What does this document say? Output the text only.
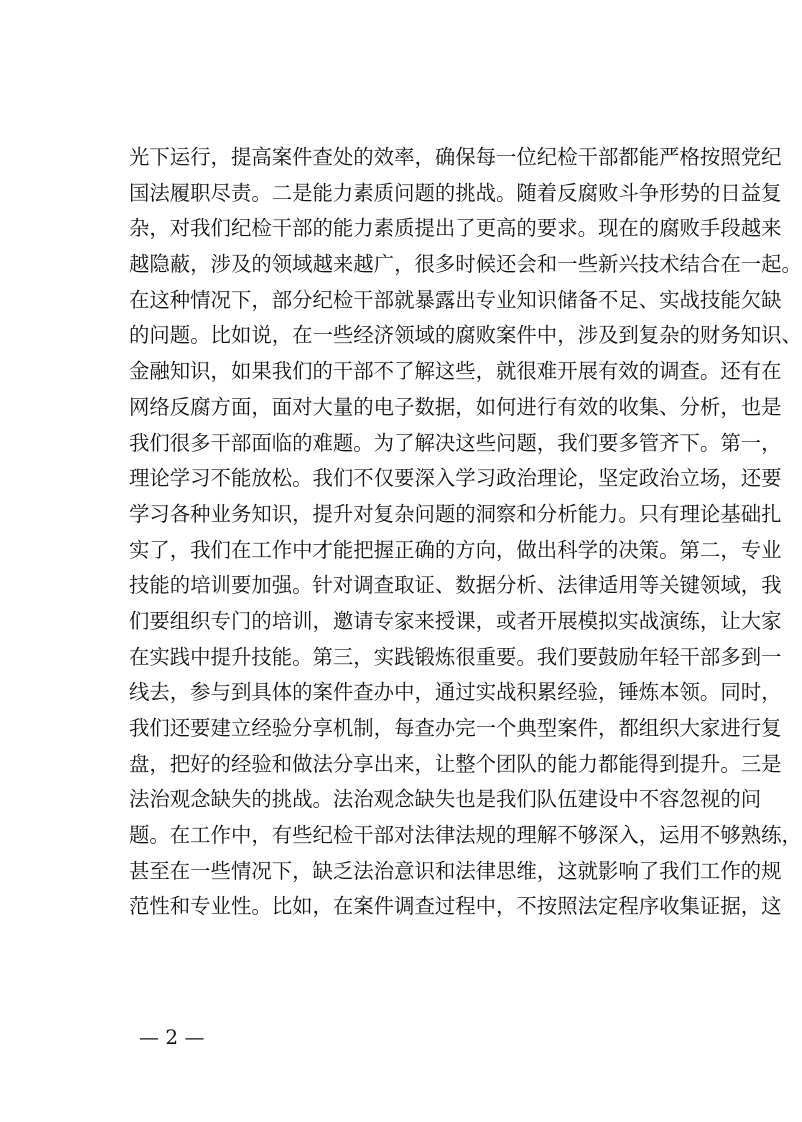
光下运行，提高案件查处的效率，确保每一位纪检干部都能严格按照党纪
国法履职尽责。二是能力素质问题的挑战。随着反腐败斗争形势的日益复
杂，对我们纪检干部的能力素质提出了更高的要求。现在的腐败手段越来
越隐蔽，涉及的领域越来越广，很多时候还会和一些新兴技术结合在一起。
在这种情况下，部分纪检干部就暴露出专业知识储备不足、实战技能欠缺
的问题。比如说，在一些经济领域的腐败案件中，涉及到复杂的财务知识、
金融知识，如果我们的干部不了解这些，就很难开展有效的调查。还有在
网络反腐方面，面对大量的电子数据，如何进行有效的收集、分析，也是
我们很多干部面临的难题。为了解决这些问题，我们要多管齐下。第一，
理论学习不能放松。我们不仅要深入学习政治理论，坚定政治立场，还要
学习各种业务知识，提升对复杂问题的洞察和分析能力。只有理论基础扎
实了，我们在工作中才能把握正确的方向，做出科学的决策。第二，专业
技能的培训要加强。针对调查取证、数据分析、法律适用等关键领域，我
们要组织专门的培训，邀请专家来授课，或者开展模拟实战演练，让大家
在实践中提升技能。第三，实践锻炼很重要。我们要鼓励年轻干部多到一
线去，参与到具体的案件查办中，通过实战积累经验，锤炼本领。同时，
我们还要建立经验分享机制，每查办完一个典型案件，都组织大家进行复
盘，把好的经验和做法分享出来，让整个团队的能力都能得到提升。三是
法治观念缺失的挑战。法治观念缺失也是我们队伍建设中不容忽视的问
题。在工作中，有些纪检干部对法律法规的理解不够深入，运用不够熟练，
甚至在一些情况下，缺乏法治意识和法律思维，这就影响了我们工作的规
范性和专业性。比如，在案件调查过程中，不按照法定程序收集证据，这
— 2 —
